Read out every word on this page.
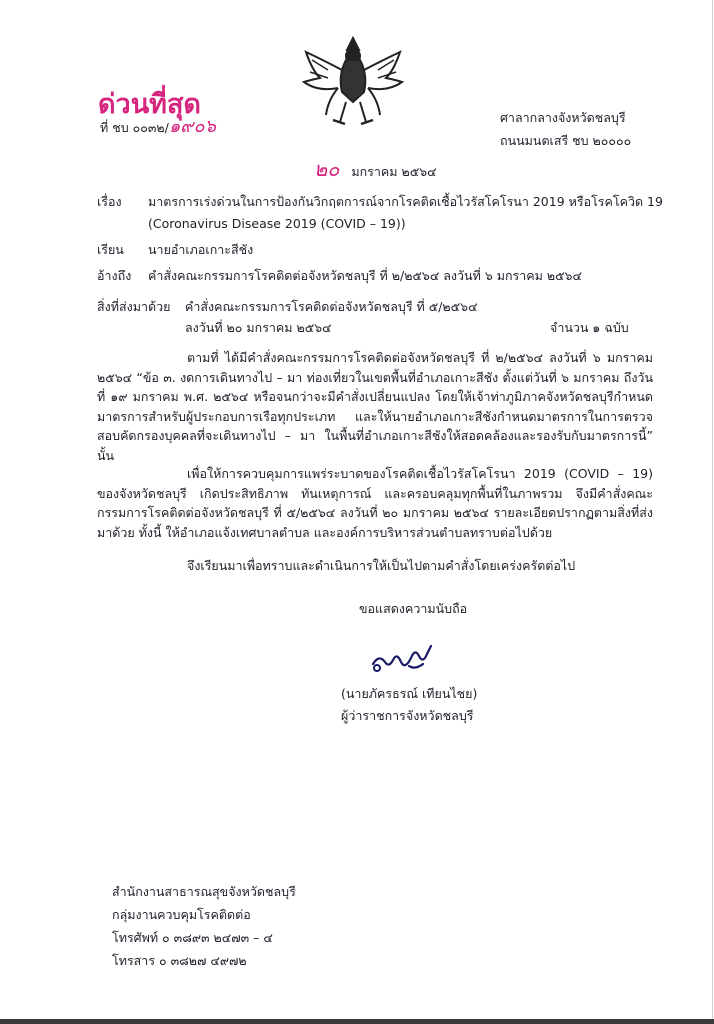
ด่วนที่สุด
ที่ ชบ ๐๐๓๒/๑๙๐๖	ศาลากลางจังหวัดชลบุรี
ถนนมนตเสรี ชบ ๒๐๐๐๐
๒๐ มกราคม ๒๕๖๔
เรื่อง มาตรการเร่งด่วนในการป้องกันวิกฤตการณ์จากโรคติดเชื้อไวรัสโคโรนา 2019 หรือโรคโควิด 19
(Coronavirus Disease 2019 (COVID – 19))
เรียน นายอำเภอเกาะสีชัง
อ้างถึง คำสั่งคณะกรรมการโรคติดต่อจังหวัดชลบุรี ที่ ๒/๒๕๖๔ ลงวันที่ ๖ มกราคม ๒๕๖๔
สิ่งที่ส่งมาด้วย คำสั่งคณะกรรมการโรคติดต่อจังหวัดชลบุรี ที่ ๕/๒๕๖๔
ลงวันที่ ๒๐ มกราคม ๒๕๖๔	จำนวน ๑ ฉบับ
ตามที่ ได้มีคำสั่งคณะกรรมการโรคติดต่อจังหวัดชลบุรี ที่ ๒/๒๕๖๔ ลงวันที่ ๖ มกราคม ๒๕๖๔ “ข้อ ๓. งดการเดินทางไป – มา ท่องเที่ยวในเขตพื้นที่อำเภอเกาะสีชัง ตั้งแต่วันที่ ๖ มกราคม ถึงวันที่ ๑๙ มกราคม พ.ศ. ๒๕๖๔ หรือจนกว่าจะมีคำสั่งเปลี่ยนแปลง โดยให้เจ้าท่าภูมิภาคจังหวัดชลบุรีกำหนดมาตรการสำหรับผู้ประกอบการเรือทุกประเภท และให้นายอำเภอเกาะสีชังกำหนดมาตรการในการตรวจสอบคัดกรองบุคคลที่จะเดินทางไป – มา ในพื้นที่อำเภอเกาะสีชังให้สอดคล้องและรองรับกับมาตรการนี้” นั้น
เพื่อให้การควบคุมการแพร่ระบาดของโรคติดเชื้อไวรัสโคโรนา 2019 (COVID – 19) ของจังหวัดชลบุรี เกิดประสิทธิภาพ ทันเหตุการณ์ และครอบคลุมทุกพื้นที่ในภาพรวม จึงมีคำสั่งคณะกรรมการโรคติดต่อจังหวัดชลบุรี ที่ ๕/๒๕๖๔ ลงวันที่ ๒๐ มกราคม ๒๕๖๔ รายละเอียดปรากฏตามสิ่งที่ส่งมาด้วย ทั้งนี้ ให้อำเภอแจ้งเทศบาลตำบล และองค์การบริหารส่วนตำบลทราบต่อไปด้วย
จึงเรียนมาเพื่อทราบและดำเนินการให้เป็นไปตามคำสั่งโดยเคร่งครัดต่อไป
ขอแสดงความนับถือ
(นายภัครธรณ์ เทียนไชย)
ผู้ว่าราชการจังหวัดชลบุรี
สำนักงานสาธารณสุขจังหวัดชลบุรี
กลุ่มงานควบคุมโรคติดต่อ
โทรศัพท์ ๐ ๓๘๙๓ ๒๔๗๓ – ๔
โทรสาร ๐ ๓๘๒๗ ๔๙๗๒
